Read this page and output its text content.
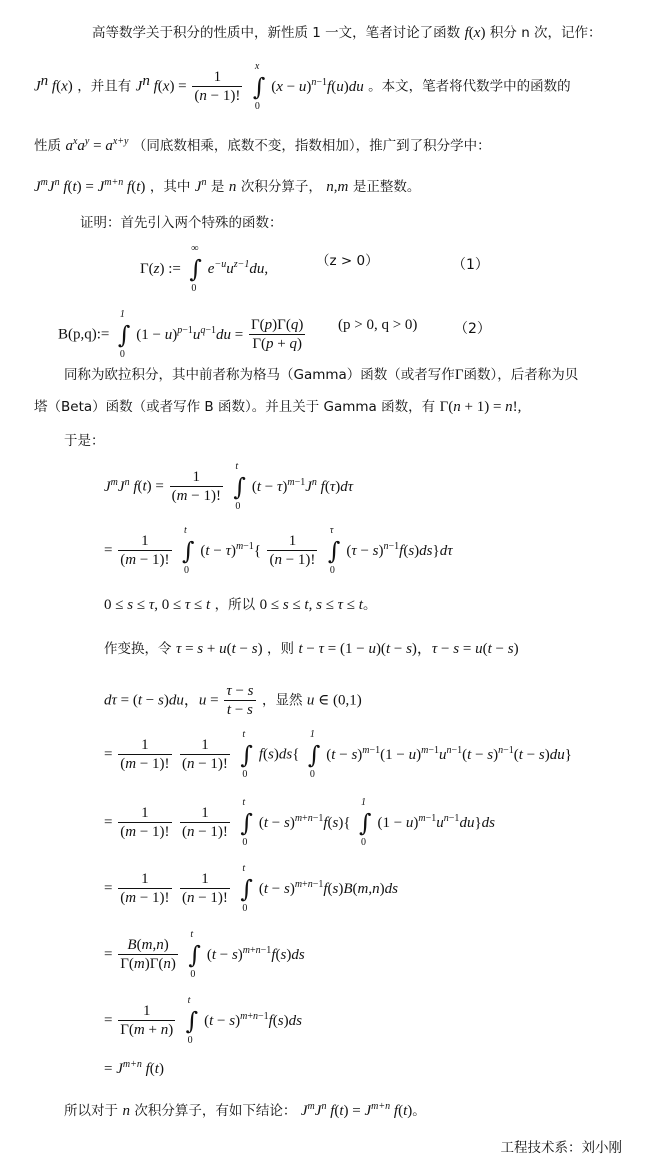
高等数学关于积分的性质中，新性质 1 一文，笔者讨论了函数 f(x) 积分 n 次，记作：
$J^n$ f(x) ，并且有 $J^n$ $f(x) = \frac{1}{(n - 1)!}$

x
∫
0
$(x - u)^{n-1}f(u)du$ 。本文，笔者将代数学中的函数的
性质 $a^xa^y = a^{x+y}$ （同底数相乘，底数不变，指数相加），推广到了积分学中：
$J^mJ^n$ $f(t) = J^{m+n}$ f(t) ，其中 $J^n$ 是 n 次积分算子， n,m 是正整数。
证明：首先引入两个特殊的函数：
Γ(z) :=
∞
∫
0
$e^{-u}u^{z-1}du$,	（z > 0）	（1）
B(p,q):=
1
∫
0
$(1 - u)^{p-1}u^{q-1}du = \frac{\Gamma(p)\Gamma(q)}{\Gamma(p + q)} (p > 0$, q > 0)	（2）
同称为欧拉积分，其中前者称为格马（Gamma）函数（或者写作Γ函数），后者称为贝
塔（Beta）函数（或者写作 B 函数）。并且关于 Gamma 函数，有 Γ(n + 1) = n!,
于是：
$J^mJ^n$ $f(t) = \frac{1}{(m - 1)!}$

t
∫
0
$(t - \tau)^{m-1}J^n$ f(τ)dτ
= $\frac{1}{(m - 1)!}$

t
∫
0
$(t - \tau)^{m-1}\{ \frac{1}{(n - 1)!}$

τ
∫
0
$(\tau - s)^{n-1}f(s)ds\}d\tau$
0 ≤ s ≤ τ, 0 ≤ τ ≤ t ，所以 0 ≤ s ≤ t, s ≤ τ ≤ t。
作变换，令 τ = s + u(t − s) ，则 t − τ = (1 − u)(t − s)，τ − s = u(t − s)
dτ = (t − s)du，$u = \frac{\tau - s}{t - s}$ ，显然 u ∈ (0,1)
= $\frac{1}{(m - 1)!}$
$\frac{1}{(n - 1)!}$

t
∫
0
f(s)ds{
1
∫
0
$(t - s)^{m-1}(1 - u)^{m-1}u^{n-1}(t - s)^{n-1}(t - s)du$}
= $\frac{1}{(m - 1)!}$
$\frac{1}{(n - 1)!}$

t
∫
0
$(t - s)^{m+n-1}f(s)${
1
∫
0
$(1 - u)^{m-1}u^{n-1}du\}ds$
= $\frac{1}{(m - 1)!}$
$\frac{1}{(n - 1)!}$

t
∫
0
$(t - s)^{m+n-1}f(s)B(m,n)ds$
= $\frac{B(m,n)}{\Gamma(m)\Gamma(n)}$

t
∫
0
$(t - s)^{m+n-1}f(s)ds$
= $\frac{1}{\Gamma(m + n)}$

t
∫
0
$(t - s)^{m+n-1}f(s)ds$
= $J^{m+n}$ f(t)
所以对于 n 次积分算子，有如下结论： $J^mJ^n$ $f(t) = J^{m+n}$ f(t)。
工程技术系：刘小刚
